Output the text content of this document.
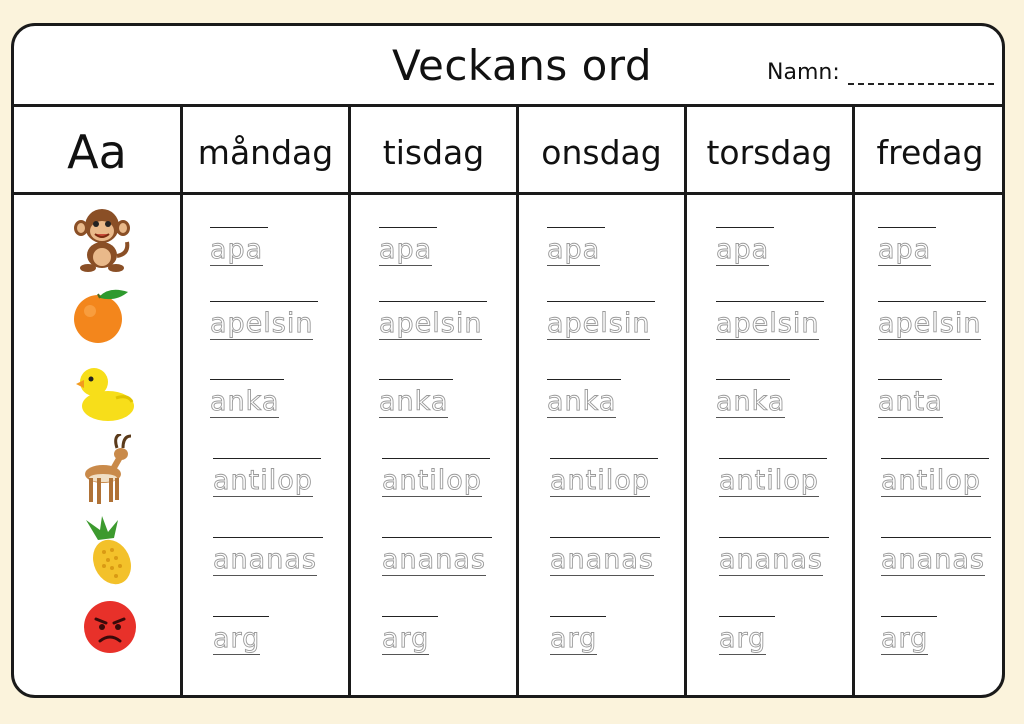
Veckans ord	Namn:
Aa	måndag	tisdag	onsdag	torsdag	fredag
apa	apa	apa	apa	apa
apelsin apelsin apelsin apelsin apelsin
anka	anka	anka	anka	anta
antilop	antilop	antilop	antilop antilop
ananas ananas ananas ananas ananas
arg	arg	arg	arg	arg
